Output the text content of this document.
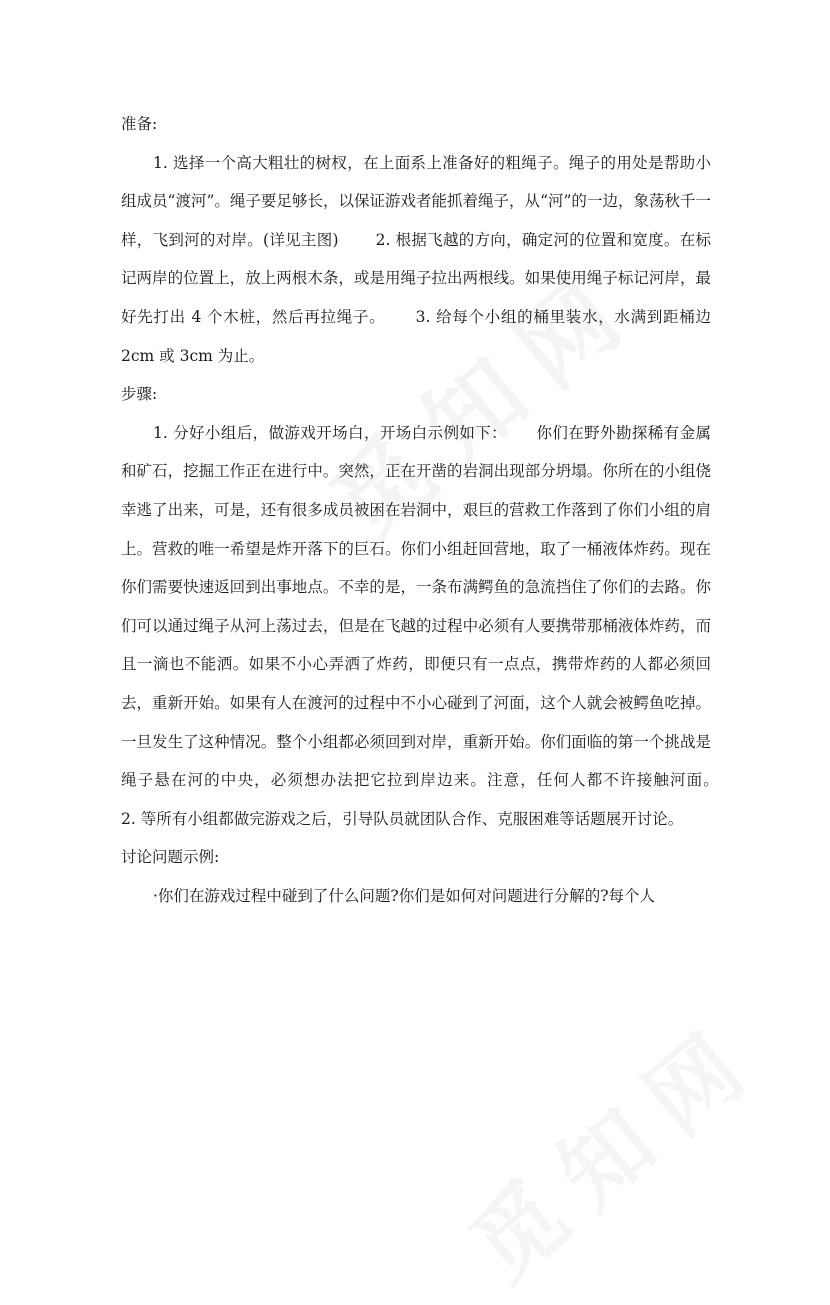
准备:

1. 选择一个高大粗壮的树杈，在上面系上准备好的粗绳子。绳子的用处是帮助小组成员“渡河”。绳子要足够长，以保证游戏者能抓着绳子，从“河”的一边，象荡秋千一样，飞到河的对岸。(详见主图)　　 2. 根据飞越的方向，确定河的位置和宽度。在标记两岸的位置上，放上两根木条，或是用绳子拉出两根线。如果使用绳子标记河岸，最好先打出 4 个木桩，然后再拉绳子。　　 3. 给每个小组的桶里装水，水满到距桶边 2cm 或 3cm 为止。

步骤:

1. 分好小组后，做游戏开场白，开场白示例如下：　　 你们在野外勘探稀有金属和矿石，挖掘工作正在进行中。突然，正在开凿的岩洞出现部分坍塌。你所在的小组侥幸逃了出来，可是，还有很多成员被困在岩洞中，艰巨的营救工作落到了你们小组的肩上。营救的唯一希望是炸开落下的巨石。你们小组赶回营地，取了一桶液体炸药。现在你们需要快速返回到出事地点。不幸的是，一条布满鳄鱼的急流挡住了你们的去路。你们可以通过绳子从河上荡过去，但是在飞越的过程中必须有人要携带那桶液体炸药，而且一滴也不能洒。如果不小心弄洒了炸药，即便只有一点点，携带炸药的人都必须回去，重新开始。如果有人在渡河的过程中不小心碰到了河面，这个人就会被鳄鱼吃掉。一旦发生了这种情况。整个小组都必须回到对岸，重新开始。你们面临的第一个挑战是绳子悬在河的中央，必须想办法把它拉到岸边来。注意，任何人都不许接触河面。　　 2. 等所有小组都做完游戏之后，引导队员就团队合作、克服困难等话题展开讨论。

讨论问题示例:

·你们在游戏过程中碰到了什么问题?你们是如何对问题进行分解的?每个人
